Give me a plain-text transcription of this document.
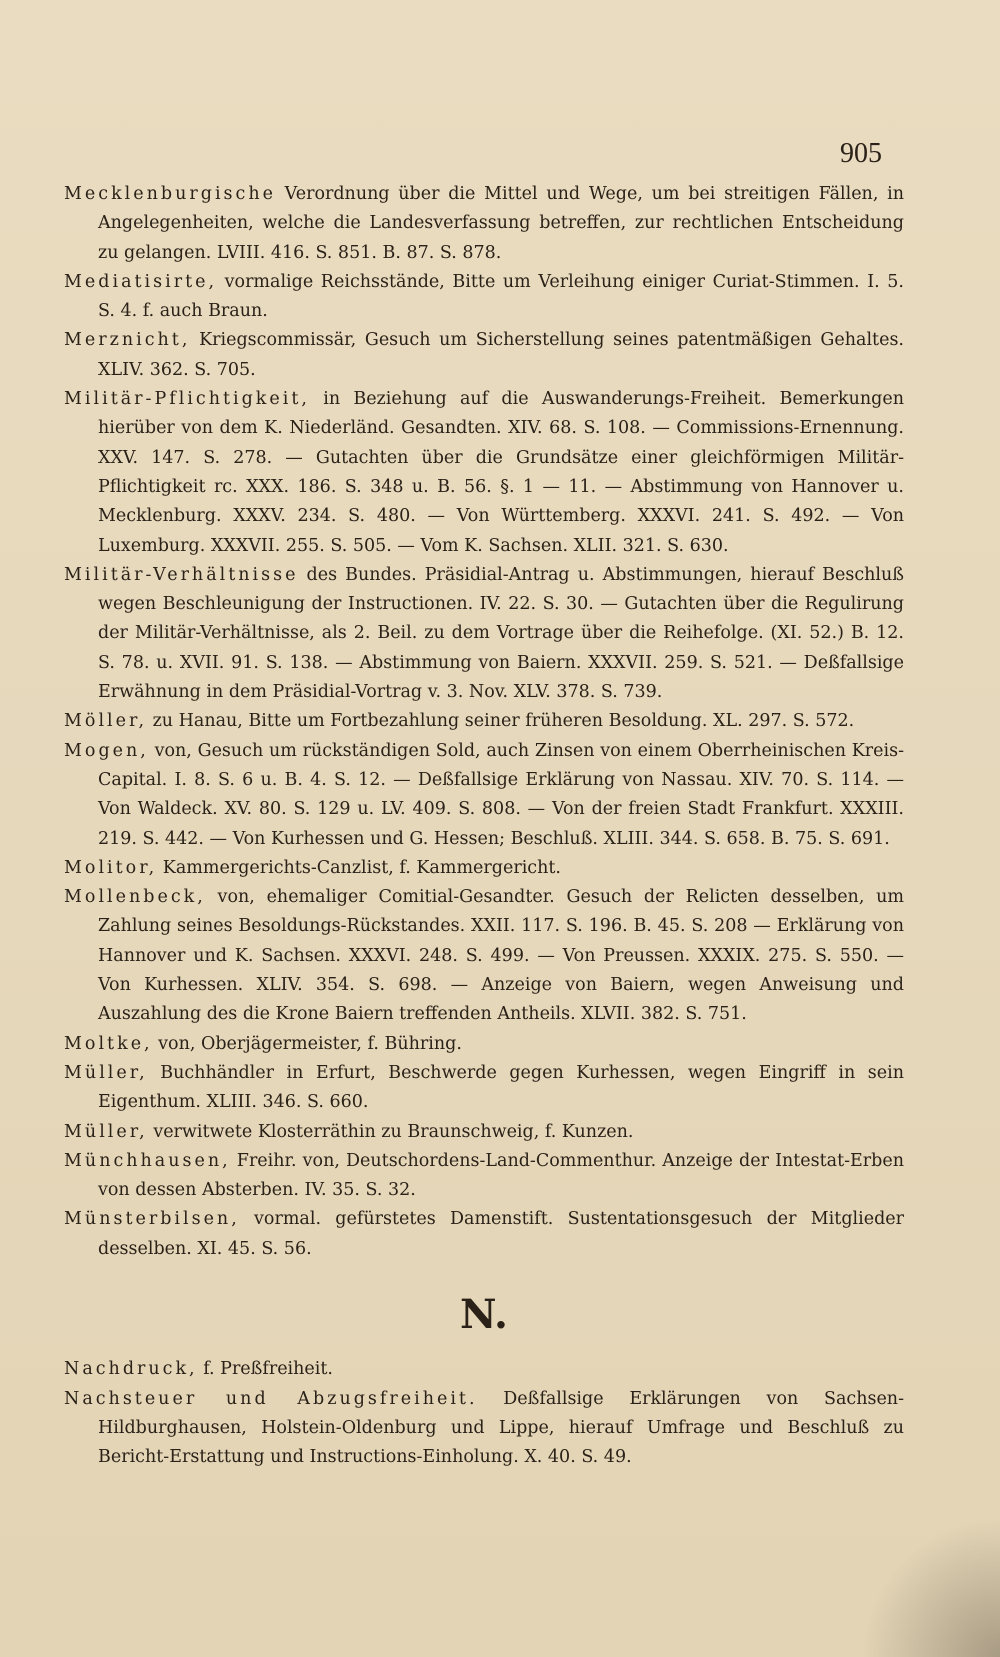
905

Mecklenburgische Verordnung über die Mittel und Wege, um bei streitigen Fällen, in Angelegenheiten, welche die Landesverfassung betreffen, zur rechtlichen Entscheidung zu gelangen. LVIII. 416. S. 851. B. 87. S. 878.

Mediatisirte, vormalige Reichsstände, Bitte um Verleihung einiger Curiat-Stimmen. I. 5. S. 4. f. auch Braun.

Merznicht, Kriegscommissär, Gesuch um Sicherstellung seines patentmäßigen Gehaltes. XLIV. 362. S. 705.

Militär-Pflichtigkeit, in Beziehung auf die Auswanderungs-Freiheit. Bemerkungen hierüber von dem K. Niederländ. Gesandten. XIV. 68. S. 108. — Commissions-Ernennung. XXV. 147. S. 278. — Gutachten über die Grundsätze einer gleichförmigen Militär-Pflichtigkeit rc. XXX. 186. S. 348 u. B. 56. §. 1 — 11. — Abstimmung von Hannover u. Mecklenburg. XXXV. 234. S. 480. — Von Württemberg. XXXVI. 241. S. 492. — Von Luxemburg. XXXVII. 255. S. 505. — Vom K. Sachsen. XLII. 321. S. 630.

Militär-Verhältnisse des Bundes. Präsidial-Antrag u. Abstimmungen, hierauf Beschluß wegen Beschleunigung der Instructionen. IV. 22. S. 30. — Gutachten über die Regulirung der Militär-Verhältnisse, als 2. Beil. zu dem Vortrage über die Reihefolge. (XI. 52.) B. 12. S. 78. u. XVII. 91. S. 138. — Abstimmung von Baiern. XXXVII. 259. S. 521. — Deßfallsige Erwähnung in dem Präsidial-Vortrag v. 3. Nov. XLV. 378. S. 739.

Möller, zu Hanau, Bitte um Fortbezahlung seiner früheren Besoldung. XL. 297. S. 572.

Mogen, von, Gesuch um rückständigen Sold, auch Zinsen von einem Oberrheinischen Kreis-Capital. I. 8. S. 6 u. B. 4. S. 12. — Deßfallsige Erklärung von Nassau. XIV. 70. S. 114. — Von Waldeck. XV. 80. S. 129 u. LV. 409. S. 808. — Von der freien Stadt Frankfurt. XXXIII. 219. S. 442. — Von Kurhessen und G. Hessen; Beschluß. XLIII. 344. S. 658. B. 75. S. 691.

Molitor, Kammergerichts-Canzlist, f. Kammergericht.

Mollenbeck, von, ehemaliger Comitial-Gesandter. Gesuch der Relicten desselben, um Zahlung seines Besoldungs-Rückstandes. XXII. 117. S. 196. B. 45. S. 208 — Erklärung von Hannover und K. Sachsen. XXXVI. 248. S. 499. — Von Preussen. XXXIX. 275. S. 550. — Von Kurhessen. XLIV. 354. S. 698. — Anzeige von Baiern, wegen Anweisung und Auszahlung des die Krone Baiern treffenden Antheils. XLVII. 382. S. 751.

Moltke, von, Oberjägermeister, f. Bühring.

Müller, Buchhändler in Erfurt, Beschwerde gegen Kurhessen, wegen Eingriff in sein Eigenthum. XLIII. 346. S. 660.

Müller, verwitwete Klosterräthin zu Braunschweig, f. Kunzen.

Münchhausen, Freihr. von, Deutschordens-Land-Commenthur. Anzeige der Intestat-Erben von dessen Absterben. IV. 35. S. 32.

Münsterbilsen, vormal. gefürstetes Damenstift. Sustentationsgesuch der Mitglieder desselben. XI. 45. S. 56.

N.

Nachdruck, f. Preßfreiheit.

Nachsteuer und Abzugsfreiheit. Deßfallsige Erklärungen von Sachsen-Hildburghausen, Holstein-Oldenburg und Lippe, hierauf Umfrage und Beschluß zu Bericht-Erstattung und Instructions-Einholung. X. 40. S. 49.
